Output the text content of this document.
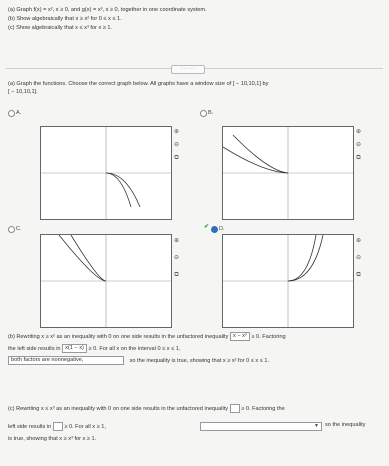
(a) Graph f(x) = x², x ≥ 0, and g(x) = x³, x ≥ 0, together in one coordinate system.
(b) Show algebraically that x ≥ x² for 0 ≤ x ≤ 1.
(c) Show algebraically that x ≤ x³ for x ≥ 1.
· · · · ·
(a) Graph the functions. Choose the correct graph below. All graphs have a window size of [ − 10,10,1] by
[ − 10,10,1].
A.
⊕
⊖
⧉
B.
⊕
⊖
⧉
C.
⊕
⊖
⧉
✔ D.
⊕
⊖
⧉
(b) Rewriting x ≥ x² as an inequality with 0 on one side results in the unfactored inequality x − x² ≥ 0. Factoring
the left side results in x(1 − x) ≥ 0. For all x on the interval 0 ≤ x ≤ 1,
both factors are nonnegative,	so the inequality is true, showing that x ≥ x² for 0 ≤ x ≤ 1.
(c) Rewriting x ≤ x³ as an inequality with 0 on one side results in the unfactored inequality ≥ 0. Factoring the
left side results in ≥ 0. For all x ≥ 1,	▼ so the inequality
is true, showing that x ≥ x³ for x ≥ 1.
